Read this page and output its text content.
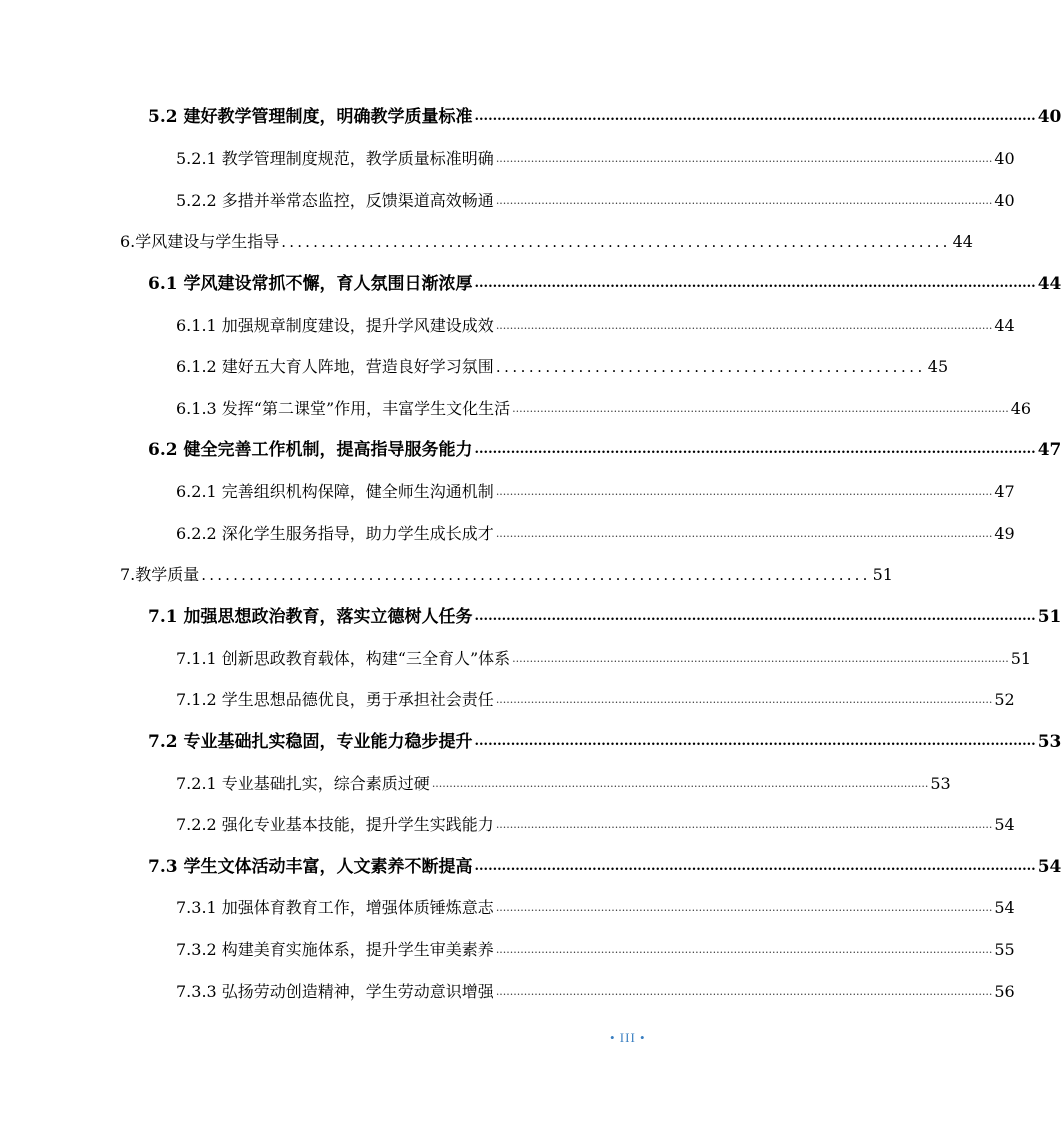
5.2 建好教学管理制度，明确教学质量标准 ............................................................................................................................ 40
5.2.1 教学管理制度规范，教学质量标准明确 .............................................................................................................................................. 40
5.2.2 多措并举常态监控，反馈渠道高效畅通 .............................................................................................................................................. 40
6.学风建设与学生指导 .................................................................................... 44
6.1 学风建设常抓不懈，育人氛围日渐浓厚 ............................................................................................................................ 44
6.1.1 加强规章制度建设，提升学风建设成效 .............................................................................................................................................. 44
6.1.2 建好五大育人阵地，营造良好学习氛围 .................................................... 45
6.1.3 发挥“第二课堂”作用，丰富学生文化生活 .............................................................................................................................................. 46
6.2 健全完善工作机制，提高指导服务能力 ............................................................................................................................ 47
6.2.1 完善组织机构保障，健全师生沟通机制 .............................................................................................................................................. 47
6.2.2 深化学生服务指导，助力学生成长成才 .............................................................................................................................................. 49
7.教学质量 .................................................................................... 51
7.1 加强思想政治教育，落实立德树人任务 ............................................................................................................................ 51
7.1.1 创新思政教育载体，构建“三全育人”体系 .............................................................................................................................................. 51
7.1.2 学生思想品德优良，勇于承担社会责任 .............................................................................................................................................. 52
7.2 专业基础扎实稳固，专业能力稳步提升 ............................................................................................................................ 53
7.2.1 专业基础扎实，综合素质过硬 .............................................................................................................................................. 53
7.2.2 强化专业基本技能，提升学生实践能力 .............................................................................................................................................. 54
7.3 学生文体活动丰富，人文素养不断提高 ............................................................................................................................ 54
7.3.1 加强体育教育工作，增强体质锤炼意志 .............................................................................................................................................. 54
7.3.2 构建美育实施体系，提升学生审美素养 .............................................................................................................................................. 55
7.3.3 弘扬劳动创造精神，学生劳动意识增强 .............................................................................................................................................. 56
• III •
